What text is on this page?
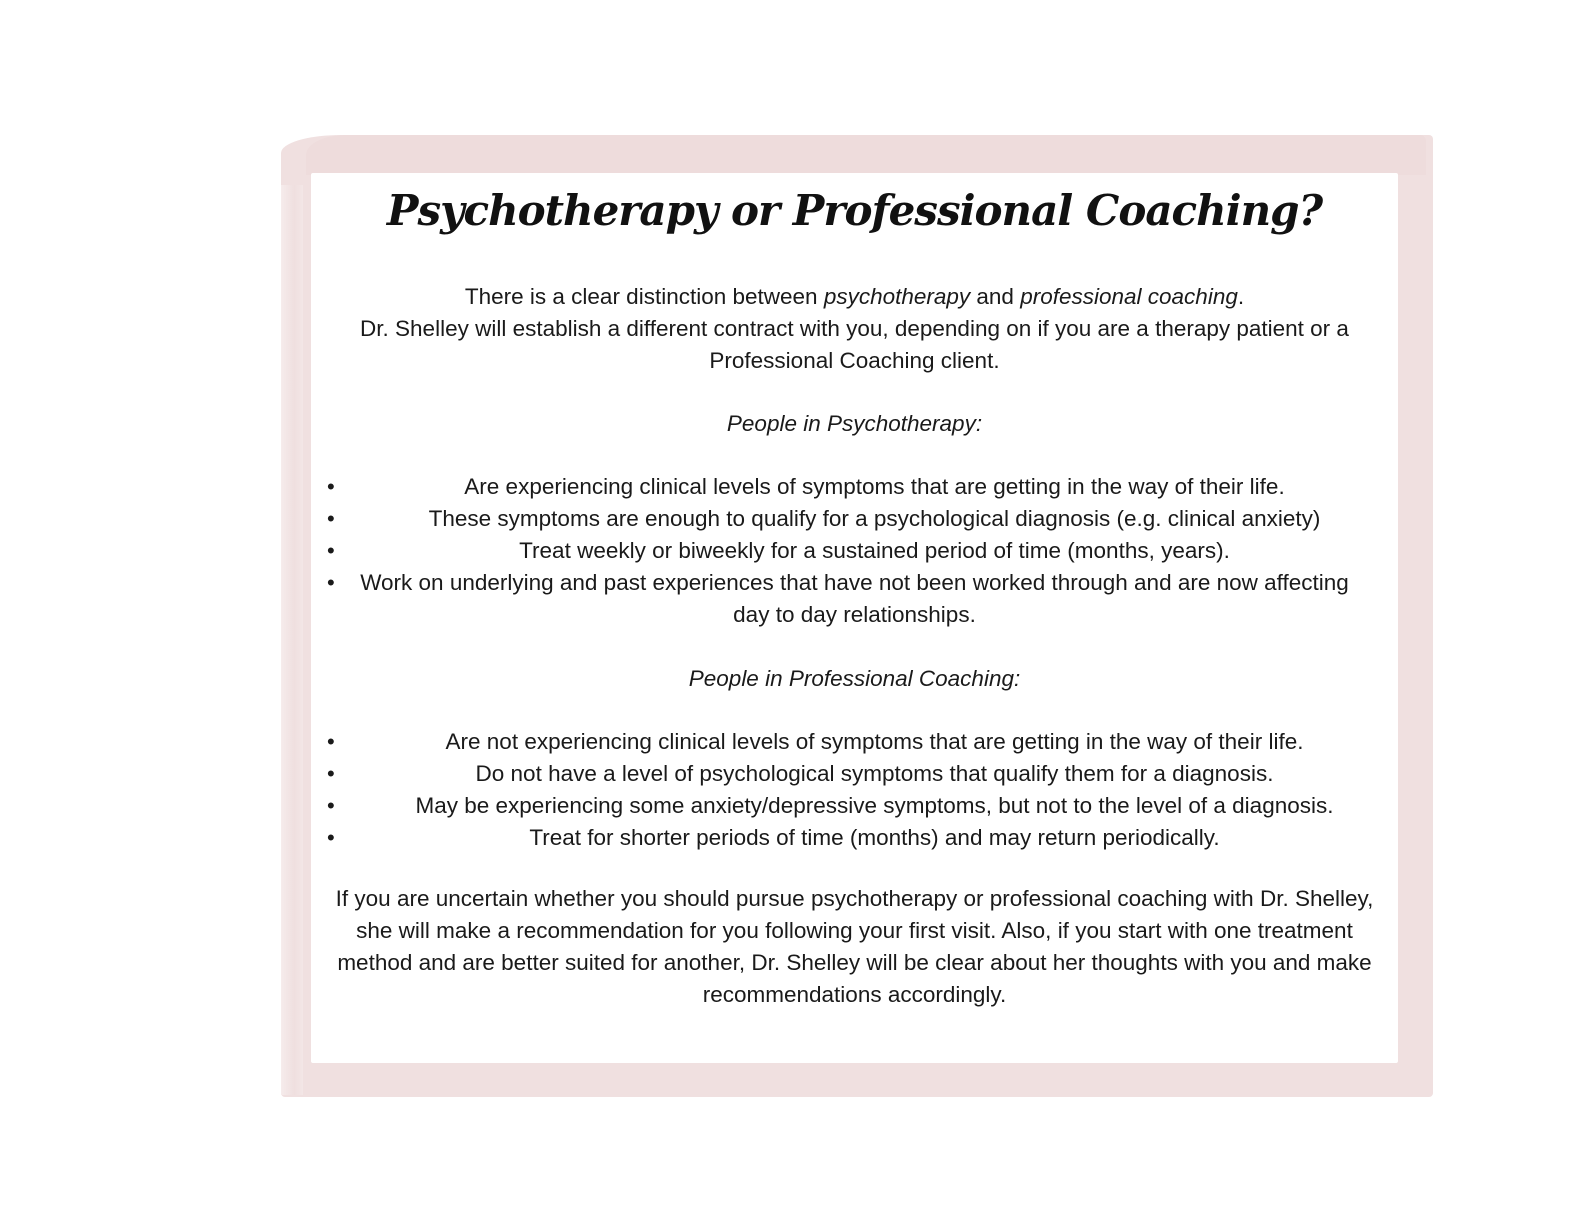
Psychotherapy or Professional Coaching?

There is a clear distinction between psychotherapy and professional coaching.
Dr. Shelley will establish a different contract with you, depending on if you are a therapy patient or a Professional Coaching client.

People in Psychotherapy:

•	Are experiencing clinical levels of symptoms that are getting in the way of their life.
•	These symptoms are enough to qualify for a psychological diagnosis (e.g. clinical anxiety)
•	Treat weekly or biweekly for a sustained period of time (months, years).
• Work on underlying and past experiences that have not been worked through and are now affecting day to day relationships.

People in Professional Coaching:

•	Are not experiencing clinical levels of symptoms that are getting in the way of their life.
•	Do not have a level of psychological symptoms that qualify them for a diagnosis.
•	May be experiencing some anxiety/depressive symptoms, but not to the level of a diagnosis.
•	Treat for shorter periods of time (months) and may return periodically.

If you are uncertain whether you should pursue psychotherapy or professional coaching with Dr. Shelley, she will make a recommendation for you following your first visit. Also, if you start with one treatment method and are better suited for another, Dr. Shelley will be clear about her thoughts with you and make recommendations accordingly.
